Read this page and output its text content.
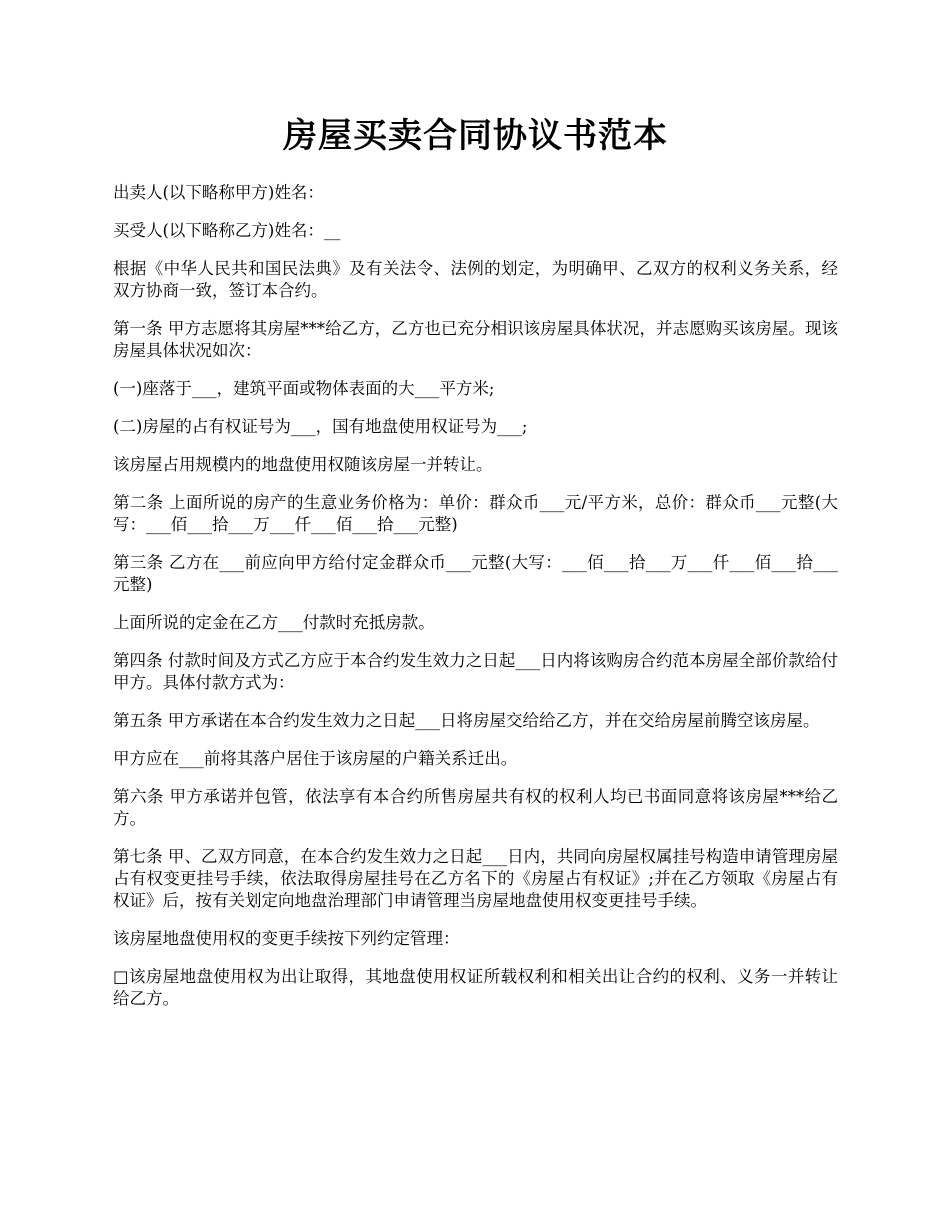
房屋买卖合同协议书范本

出卖人(以下略称甲方)姓名：

买受人(以下略称乙方)姓名：__

根据《中华人民共和国民法典》及有关法令、法例的划定，为明确甲、乙双方的权利义务关系，经双方协商一致，签订本合约。

第一条 甲方志愿将其房屋***给乙方，乙方也已充分相识该房屋具体状况，并志愿购买该房屋。现该房屋具体状况如次：

(一)座落于___，建筑平面或物体表面的大___平方米;

(二)房屋的占有权证号为___，国有地盘使用权证号为___;

该房屋占用规模内的地盘使用权随该房屋一并转让。

第二条 上面所说的房产的生意业务价格为：单价：群众币___元/平方米，总价：群众币___元整(大写：___佰___拾___万___仟___佰___拾___元整)

第三条 乙方在___前应向甲方给付定金群众币___元整(大写：___佰___拾___万___仟___佰___拾___元整)

上面所说的定金在乙方___付款时充抵房款。

第四条 付款时间及方式乙方应于本合约发生效力之日起___日内将该购房合约范本房屋全部价款给付甲方。具体付款方式为：

第五条 甲方承诺在本合约发生效力之日起___日将房屋交给给乙方，并在交给房屋前腾空该房屋。

甲方应在___前将其落户居住于该房屋的户籍关系迁出。

第六条 甲方承诺并包管，依法享有本合约所售房屋共有权的权利人均已书面同意将该房屋***给乙方。

第七条 甲、乙双方同意，在本合约发生效力之日起___日内，共同向房屋权属挂号构造申请管理房屋占有权变更挂号手续，依法取得房屋挂号在乙方名下的《房屋占有权证》;并在乙方领取《房屋占有权证》后，按有关划定向地盘治理部门申请管理当房屋地盘使用权变更挂号手续。

该房屋地盘使用权的变更手续按下列约定管理：

□该房屋地盘使用权为出让取得，其地盘使用权证所载权利和相关出让合约的权利、义务一并转让给乙方。
